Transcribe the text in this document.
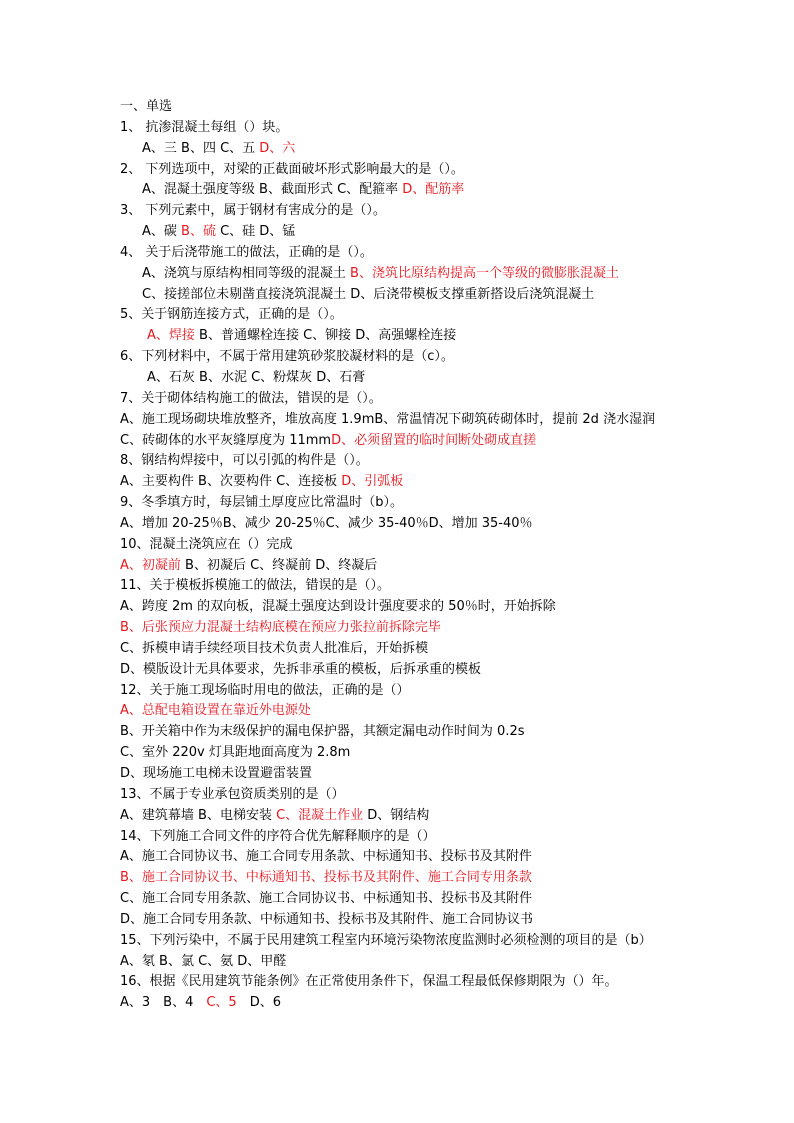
一、单选
1、 抗渗混凝土每组（）块。
A、三 B、四 C、五 D、六
2、 下列选项中，对梁的正截面破坏形式影响最大的是（）。
A、混凝土强度等级 B、截面形式 C、配箍率 D、配筋率
3、 下列元素中，属于钢材有害成分的是（）。
A、碳 B、硫 C、硅 D、锰
4、 关于后浇带施工的做法，正确的是（）。
A、浇筑与原结构相同等级的混凝土 B、浇筑比原结构提高一个等级的微膨胀混凝土
C、接搓部位未剔凿直接浇筑混凝土 D、后浇带模板支撑重新搭设后浇筑混凝土
5、关于钢筋连接方式，正确的是（）。
A、焊接 B、普通螺栓连接 C、铆接 D、高强螺栓连接
6、下列材料中，不属于常用建筑砂浆胶凝材料的是（c）。
A、石灰 B、水泥 C、粉煤灰 D、石膏
7、关于砌体结构施工的做法，错误的是（）。
A、施工现场砌块堆放整齐，堆放高度 1.9mB、常温情况下砌筑砖砌体时，提前 2d 浇水湿润
C、砖砌体的水平灰缝厚度为 11mmD、必须留置的临时间断处砌成直搓
8、钢结构焊接中，可以引弧的构件是（）。
A、主要构件 B、次要构件 C、连接板 D、引弧板
9、冬季填方时，每层铺土厚度应比常温时（b）。
A、增加 20-25％B、减少 20-25％C、减少 35-40％D、增加 35-40％
10、混凝土浇筑应在（）完成
A、初凝前 B、初凝后 C、终凝前 D、终凝后
11、关于模板拆模施工的做法，错误的是（）。
A、跨度 2m 的双向板，混凝土强度达到设计强度要求的 50％时，开始拆除
B、后张预应力混凝土结构底模在预应力张拉前拆除完毕
C、拆模申请手续经项目技术负责人批准后，开始拆模
D、模版设计无具体要求，先拆非承重的模板，后拆承重的模板
12、关于施工现场临时用电的做法，正确的是（）
A、总配电箱设置在靠近外电源处
B、开关箱中作为末级保护的漏电保护器，其额定漏电动作时间为 0.2s
C、室外 220v 灯具距地面高度为 2.8m
D、现场施工电梯未设置避雷装置
13、不属于专业承包资质类别的是（）
A、建筑幕墙 B、电梯安装 C、混凝土作业 D、钢结构
14、下列施工合同文件的序符合优先解释顺序的是（）
A、施工合同协议书、施工合同专用条款、中标通知书、投标书及其附件
B、施工合同协议书、中标通知书、投标书及其附件、施工合同专用条款
C、施工合同专用条款、施工合同协议书、中标通知书、投标书及其附件
D、施工合同专用条款、中标通知书、投标书及其附件、施工合同协议书
15、下列污染中，不属于民用建筑工程室内环境污染物浓度监测时必须检测的项目的是（b）
A、氡 B、氯 C、氨 D、甲醛
16、根据《民用建筑节能条例》在正常使用条件下，保温工程最低保修期限为（）年。
A、3　B、4　C、5　D、6
